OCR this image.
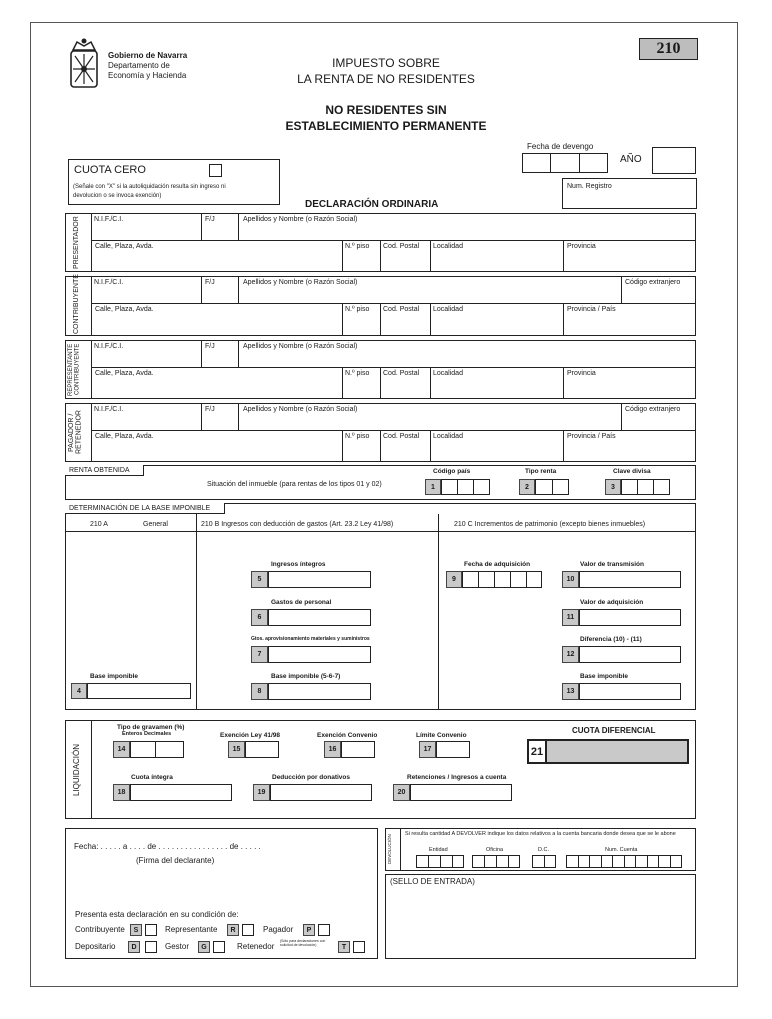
Gobierno de Navarra
Departamento de
Economía y Hacienda
IMPUESTO SOBRE
LA RENTA DE NO RESIDENTES
NO RESIDENTES SIN
ESTABLECIMIENTO PERMANENTE
210
Fecha de devengo
AÑO
Num. Registro
CUOTA CERO
(Señale con "X" si la autoliquidación resulta sin ingreso ni
devolucion o se invoca exención)
DECLARACIÓN ORDINARIA
PRESENTADOR N.I.F./C.I.	F/J	Apellidos y Nombre (o Razón Social)
Calle, Plaza, Avda.	N.º piso Cod. Postal Localidad	Provincia
CONTRIBUYENTE N.I.F./C.I.	F/J	Apellidos y Nombre (o Razón Social)	Código extranjero
Calle, Plaza, Avda.	N.º piso Cod. Postal Localidad	Provincia / País
REPRESENTANTE
CONTRIBUYENTE N.I.F./C.I.	F/J	Apellidos y Nombre (o Razón Social)
Calle, Plaza, Avda.	N.º piso Cod. Postal Localidad	Provincia
PAGADOR /
RETENEDOR
N.I.F./C.I.	F/J	Apellidos y Nombre (o Razón Social)	Código extranjero
Calle, Plaza, Avda.	N.º piso Cod. Postal Localidad	Provincia / País
RENTA OBTENIDA
Situación del inmueble (para rentas de los tipos 01 y 02)
Código país	Tipo renta	Clave divisa
1	2	3
DETERMINACIÓN DE LA BASE IMPONIBLE
210 A	General	210 B Ingresos con deducción de gastos (Art. 23.2 Ley 41/98)	210 C Incrementos de patrimonio (excepto bienes inmuebles)
Base imponible
4
Ingresos íntegros
5
Gastos de personal
6
Gtos. aprovisionamiento materiales y suministros
7
Base imponible (5-6-7)
8
Fecha de adquisición
9
Valor de transmisión
10
Valor de adquisición
11
Diferencia (10) - (11)
12
Base imponible
13
LIQUIDACIÓN
Tipo de gravamen (%)
Enteros Decimales
14
Exención Ley 41/98
15
Exención Convenio
16
Límite Convenio
17
CUOTA DIFERENCIAL
21
Cuota íntegra
18
Deducción por donativos
19
Retenciones / Ingresos a cuenta
20
Fecha: . . . . . a . . . . de . . . . . . . . . . . . . . . . de . . . . .
(Firma del declarante)
Presenta esta declaración en su condición de:
Contribuyente	S	Representante	R	Pagador	P
Depositario	D	Gestor	G	Retenedor
(Sólo para declaraciones con solicitud de devolución)	T
DEVOLUCIÓN
Si resulta cantidad A DEVOLVER indique los datos relativos a la cuenta bancaria donde desea que se le abone
Entidad	Oficina	D.C.	Num. Cuenta
(SELLO DE ENTRADA)
